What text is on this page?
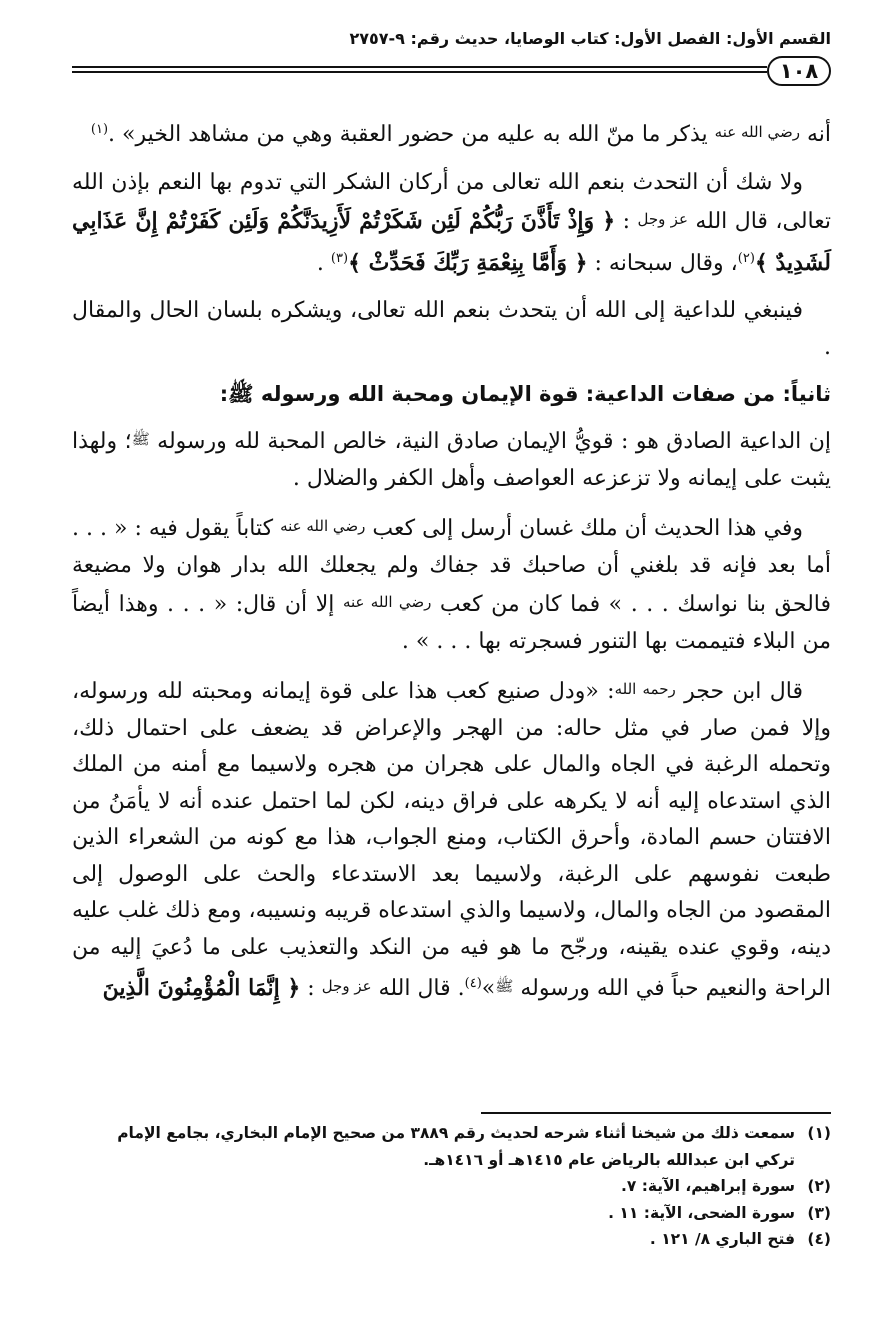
القسم الأول: الفصل الأول: كتاب الوصايا، حديث رقم: ٩-٢٧٥٧
١٠٨

أنه رضي الله عنه يذكر ما منّ الله به عليه من حضور العقبة وهي من مشاهد الخير» .$^{(١)}$

ولا شك أن التحدث بنعم الله تعالى من أركان الشكر التي تدوم بها النعم بإذن الله تعالى، قال الله عز وجل : ﴿ وَإِذْ تَأَذَّنَ رَبُّكُمْ لَئِن شَكَرْتُمْ لَأَزِيدَنَّكُمْ وَلَئِن كَفَرْتُمْ إِنَّ عَذَابِي لَشَدِيدٌ ﴾$^{(٢)}$، وقال سبحانه : ﴿ وَأَمَّا بِنِعْمَةِ رَبِّكَ فَحَدِّثْ ﴾$^{(٣)}$ .

فينبغي للداعية إلى الله أن يتحدث بنعم الله تعالى، ويشكره بلسان الحال والمقال .

ثانياً: من صفات الداعية: قوة الإيمان ومحبة الله ورسوله ﷺ:

إن الداعية الصادق هو : قويُّ الإيمان صادق النية، خالص المحبة لله ورسوله ﷺ؛ ولهذا يثبت على إيمانه ولا تزعزعه العواصف وأهل الكفر والضلال .

وفي هذا الحديث أن ملك غسان أرسل إلى كعب رضي الله عنه كتاباً يقول فيه : « . . . أما بعد فإنه قد بلغني أن صاحبك قد جفاك ولم يجعلك الله بدار هوان ولا مضيعة فالحق بنا نواسك . . . » فما كان من كعب رضي الله عنه إلا أن قال: « . . . وهذا أيضاً من البلاء فتيممت بها التنور فسجرته بها . . . » .

قال ابن حجر رحمه الله: «ودل صنيع كعب هذا على قوة إيمانه ومحبته لله ورسوله، وإلا فمن صار في مثل حاله: من الهجر والإعراض قد يضعف على احتمال ذلك، وتحمله الرغبة في الجاه والمال على هجران من هجره ولاسيما مع أمنه من الملك الذي استدعاه إليه أنه لا يكرهه على فراق دينه، لكن لما احتمل عنده أنه لا يأمَنُ من الافتتان حسم المادة، وأحرق الكتاب، ومنع الجواب، هذا مع كونه من الشعراء الذين طبعت نفوسهم على الرغبة، ولاسيما بعد الاستدعاء والحث على الوصول إلى المقصود من الجاه والمال، ولاسيما والذي استدعاه قريبه ونسيبه، ومع ذلك غلب عليه دينه، وقوي عنده يقينه، ورجّح ما هو فيه من النكد والتعذيب على ما دُعيَ إليه من الراحة والنعيم حباً في الله ورسوله ﷺ»$^{(٤)}$. قال الله عز وجل : ﴿ إِنَّمَا الْمُؤْمِنُونَ الَّذِينَ

(١)
سمعت ذلك من شيخنا أثناء شرحه لحديث رقم ٣٨٨٩ من صحيح الإمام البخاري، بجامع الإمام تركي ابن عبدالله بالرياض عام ١٤١٥هـ أو ١٤١٦هـ.
(٢)
سورة إبراهيم، الآية: ٧.
(٣)
سورة الضحى، الآية: ١١ .
(٤)
فتح الباري ٨/ ١٢١ .
